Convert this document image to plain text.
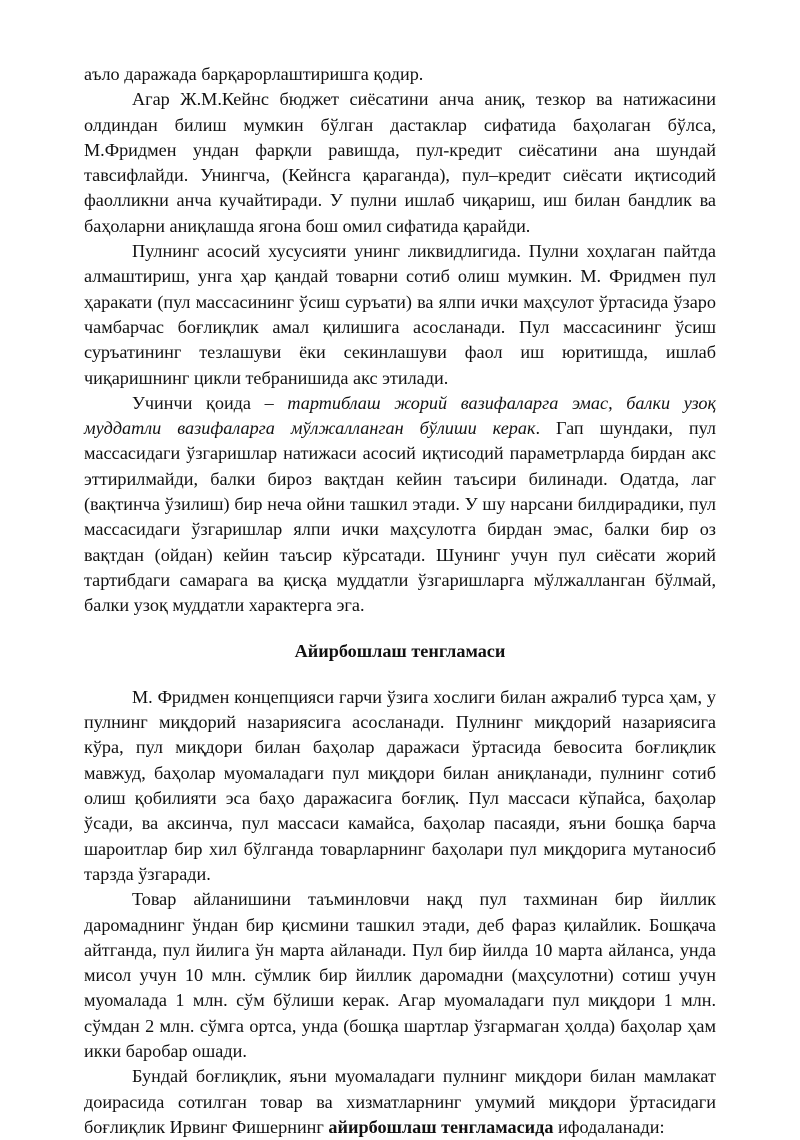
аъло даражада барқарорлаштиришга қодир.

Агар Ж.М.Кейнс бюджет сиёсатини анча аниқ, тезкор ва натижасини олдиндан билиш мумкин бўлган дастаклар сифатида баҳолаган бўлса, М.Фридмен ундан фарқли равишда, пул-кредит сиёсатини ана шундай тавсифлайди. Унингча, (Кейнсга қараганда), пул–кредит сиёсати иқтисодий фаолликни анча кучайтиради. У пулни ишлаб чиқариш, иш билан бандлик ва баҳоларни аниқлашда ягона бош омил сифатида қарайди.

Пулнинг асосий хусусияти унинг ликвидлигида. Пулни хоҳлаган пайтда алмаштириш, унга ҳар қандай товарни сотиб олиш мумкин. М. Фридмен пул ҳаракати (пул массасининг ўсиш суръати) ва ялпи ички маҳсулот ўртасида ўзаро чамбарчас боғлиқлик амал қилишига асосланади. Пул массасининг ўсиш суръатининг тезлашуви ёки секинлашуви фаол иш юритишда, ишлаб чиқаришнинг цикли тебранишида акс этилади.

Учинчи қоида – тартиблаш жорий вазифаларга эмас, балки узоқ муддатли вазифаларга мўлжалланган бўлиши керак. Гап шундаки, пул массасидаги ўзгаришлар натижаси асосий иқтисодий параметрларда бирдан акс эттирилмайди, балки бироз вақтдан кейин таъсири билинади. Одатда, лаг (вақтинча ўзилиш) бир неча ойни ташкил этади. У шу нарсани билдирадики, пул массасидаги ўзгаришлар ялпи ички маҳсулотга бирдан эмас, балки бир оз вақтдан (ойдан) кейин таъсир кўрсатади. Шунинг учун пул сиёсати жорий тартибдаги самарага ва қисқа муддатли ўзгаришларга мўлжалланган бўлмай, балки узоқ муддатли характерга эга.

Айирбошлаш тенгламаси

М. Фридмен концепцияси гарчи ўзига хослиги билан ажралиб турса ҳам, у пулнинг миқдорий назариясига асосланади. Пулнинг миқдорий назариясига кўра, пул миқдори билан баҳолар даражаси ўртасида бевосита боғлиқлик мавжуд, баҳолар муомаладаги пул миқдори билан аниқланади, пулнинг сотиб олиш қобилияти эса баҳо даражасига боғлиқ. Пул массаси кўпайса, баҳолар ўсади, ва аксинча, пул массаси камайса, баҳолар пасаяди, яъни бошқа барча шароитлар бир хил бўлганда товарларнинг баҳолари пул миқдорига мутаносиб тарзда ўзгаради.

Товар айланишини таъминловчи нақд пул тахминан бир йиллик даромаднинг ўндан бир қисмини ташкил этади, деб фараз қилайлик. Бошқача айтганда, пул йилига ўн марта айланади. Пул бир йилда 10 марта айланса, унда мисол учун 10 млн. сўмлик бир йиллик даромадни (маҳсулотни) сотиш учун муомалада 1 млн. сўм бўлиши керак. Агар муомаладаги пул миқдори 1 млн. сўмдан 2 млн. сўмга ортса, унда (бошқа шартлар ўзгармаган ҳолда) баҳолар ҳам икки баробар ошади.

Бундай боғлиқлик, яъни муомаладаги пулнинг миқдори билан мамлакат доирасида сотилган товар ва хизматларнинг умумий миқдори ўртасидаги боғлиқлик Ирвинг Фишернинг айирбошлаш тенгламасида ифодаланади:
